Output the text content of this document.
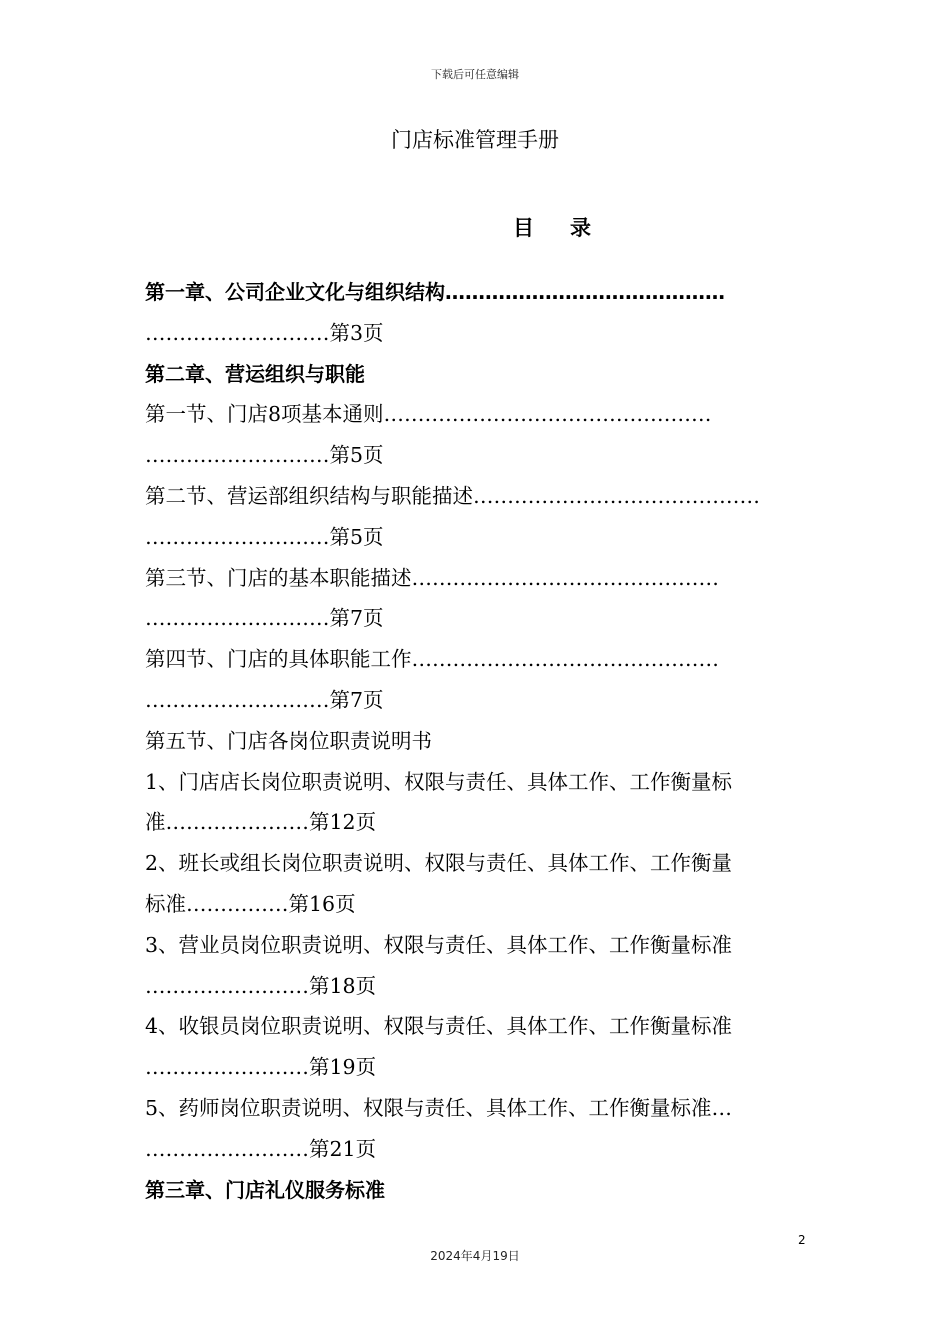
下载后可任意编辑
门店标准管理手册
目 录
第一章、公司企业文化与组织结构……………………………………
………………………第3页
第二章、营运组织与职能
第一节、门店8项基本通则…………………………………………
………………………第5页
第二节、营运部组织结构与职能描述……………………………………
………………………第5页
第三节、门店的基本职能描述………………………………………
………………………第7页
第四节、门店的具体职能工作………………………………………
………………………第7页
第五节、门店各岗位职责说明书
1、门店店长岗位职责说明、权限与责任、具体工作、工作衡量标
准…………………第12页
2、班长或组长岗位职责说明、权限与责任、具体工作、工作衡量
标准……………第16页
3、营业员岗位职责说明、权限与责任、具体工作、工作衡量标准
……………………第18页
4、收银员岗位职责说明、权限与责任、具体工作、工作衡量标准
……………………第19页
5、药师岗位职责说明、权限与责任、具体工作、工作衡量标准…
……………………第21页
第三章、门店礼仪服务标准
2
2024年4月19日
